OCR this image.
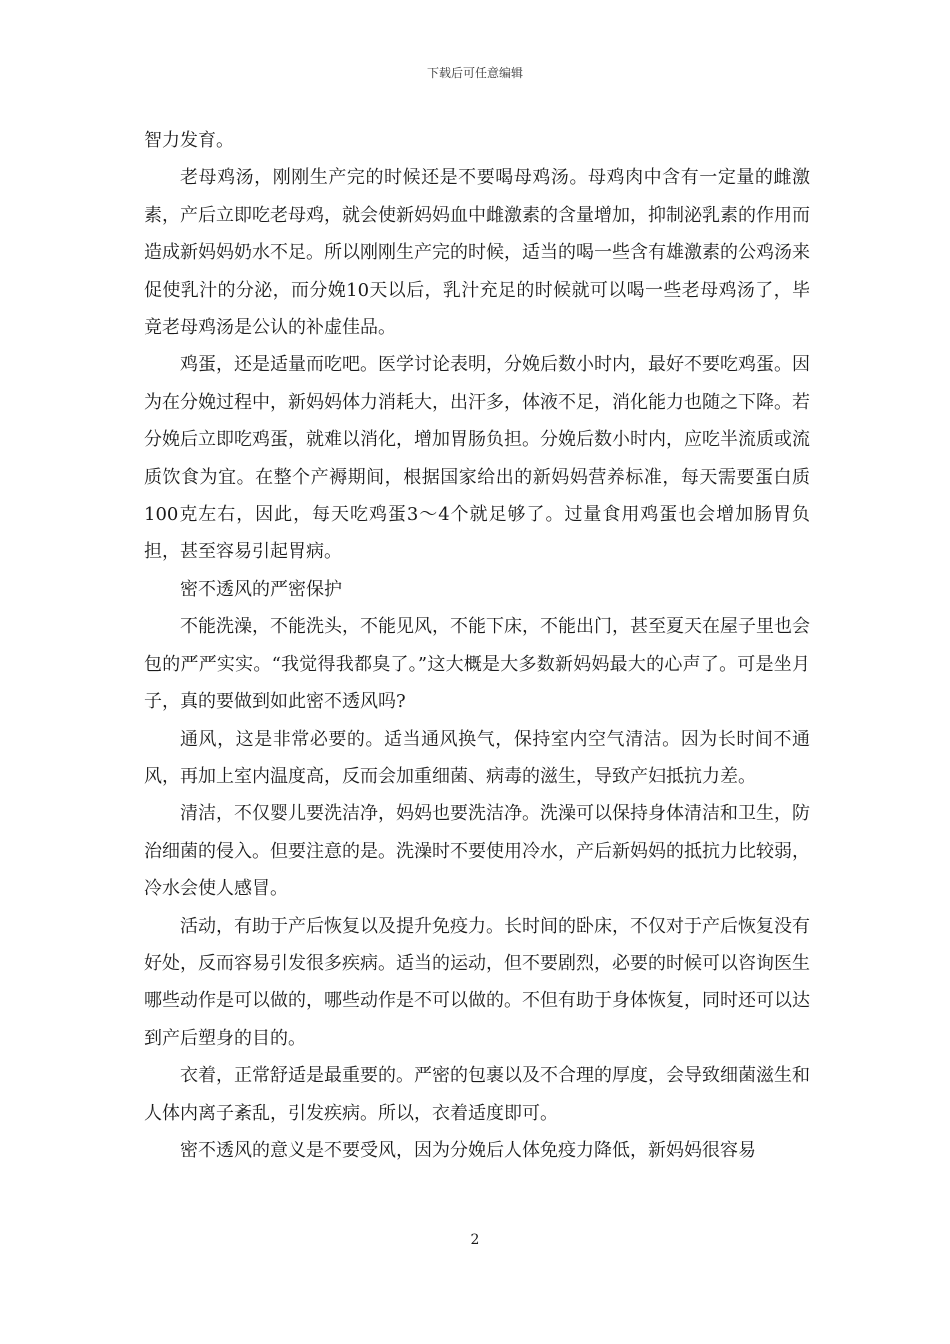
下载后可任意编辑

智力发育。

老母鸡汤，刚刚生产完的时候还是不要喝母鸡汤。母鸡肉中含有一定量的雌激素，产后立即吃老母鸡，就会使新妈妈血中雌激素的含量增加，抑制泌乳素的作用而造成新妈妈奶水不足。所以刚刚生产完的时候，适当的喝一些含有雄激素的公鸡汤来促使乳汁的分泌，而分娩10天以后，乳汁充足的时候就可以喝一些老母鸡汤了，毕竟老母鸡汤是公认的补虚佳品。

鸡蛋，还是适量而吃吧。医学讨论表明，分娩后数小时内，最好不要吃鸡蛋。因为在分娩过程中，新妈妈体力消耗大，出汗多，体液不足，消化能力也随之下降。若分娩后立即吃鸡蛋，就难以消化，增加胃肠负担。分娩后数小时内，应吃半流质或流质饮食为宜。在整个产褥期间，根据国家给出的新妈妈营养标准，每天需要蛋白质100克左右，因此，每天吃鸡蛋3～4个就足够了。过量食用鸡蛋也会增加肠胃负担，甚至容易引起胃病。

密不透风的严密保护

不能洗澡，不能洗头，不能见风，不能下床，不能出门，甚至夏天在屋子里也会包的严严实实。“我觉得我都臭了。”这大概是大多数新妈妈最大的心声了。可是坐月子，真的要做到如此密不透风吗?

通风，这是非常必要的。适当通风换气，保持室内空气清洁。因为长时间不通风，再加上室内温度高，反而会加重细菌、病毒的滋生，导致产妇抵抗力差。

清洁，不仅婴儿要洗洁净，妈妈也要洗洁净。洗澡可以保持身体清洁和卫生，防治细菌的侵入。但要注意的是。洗澡时不要使用冷水，产后新妈妈的抵抗力比较弱，冷水会使人感冒。

活动，有助于产后恢复以及提升免疫力。长时间的卧床，不仅对于产后恢复没有好处，反而容易引发很多疾病。适当的运动，但不要剧烈，必要的时候可以咨询医生哪些动作是可以做的，哪些动作是不可以做的。不但有助于身体恢复，同时还可以达到产后塑身的目的。

衣着，正常舒适是最重要的。严密的包裹以及不合理的厚度，会导致细菌滋生和人体内离子紊乱，引发疾病。所以，衣着适度即可。

密不透风的意义是不要受风，因为分娩后人体免疫力降低，新妈妈很容易

2
